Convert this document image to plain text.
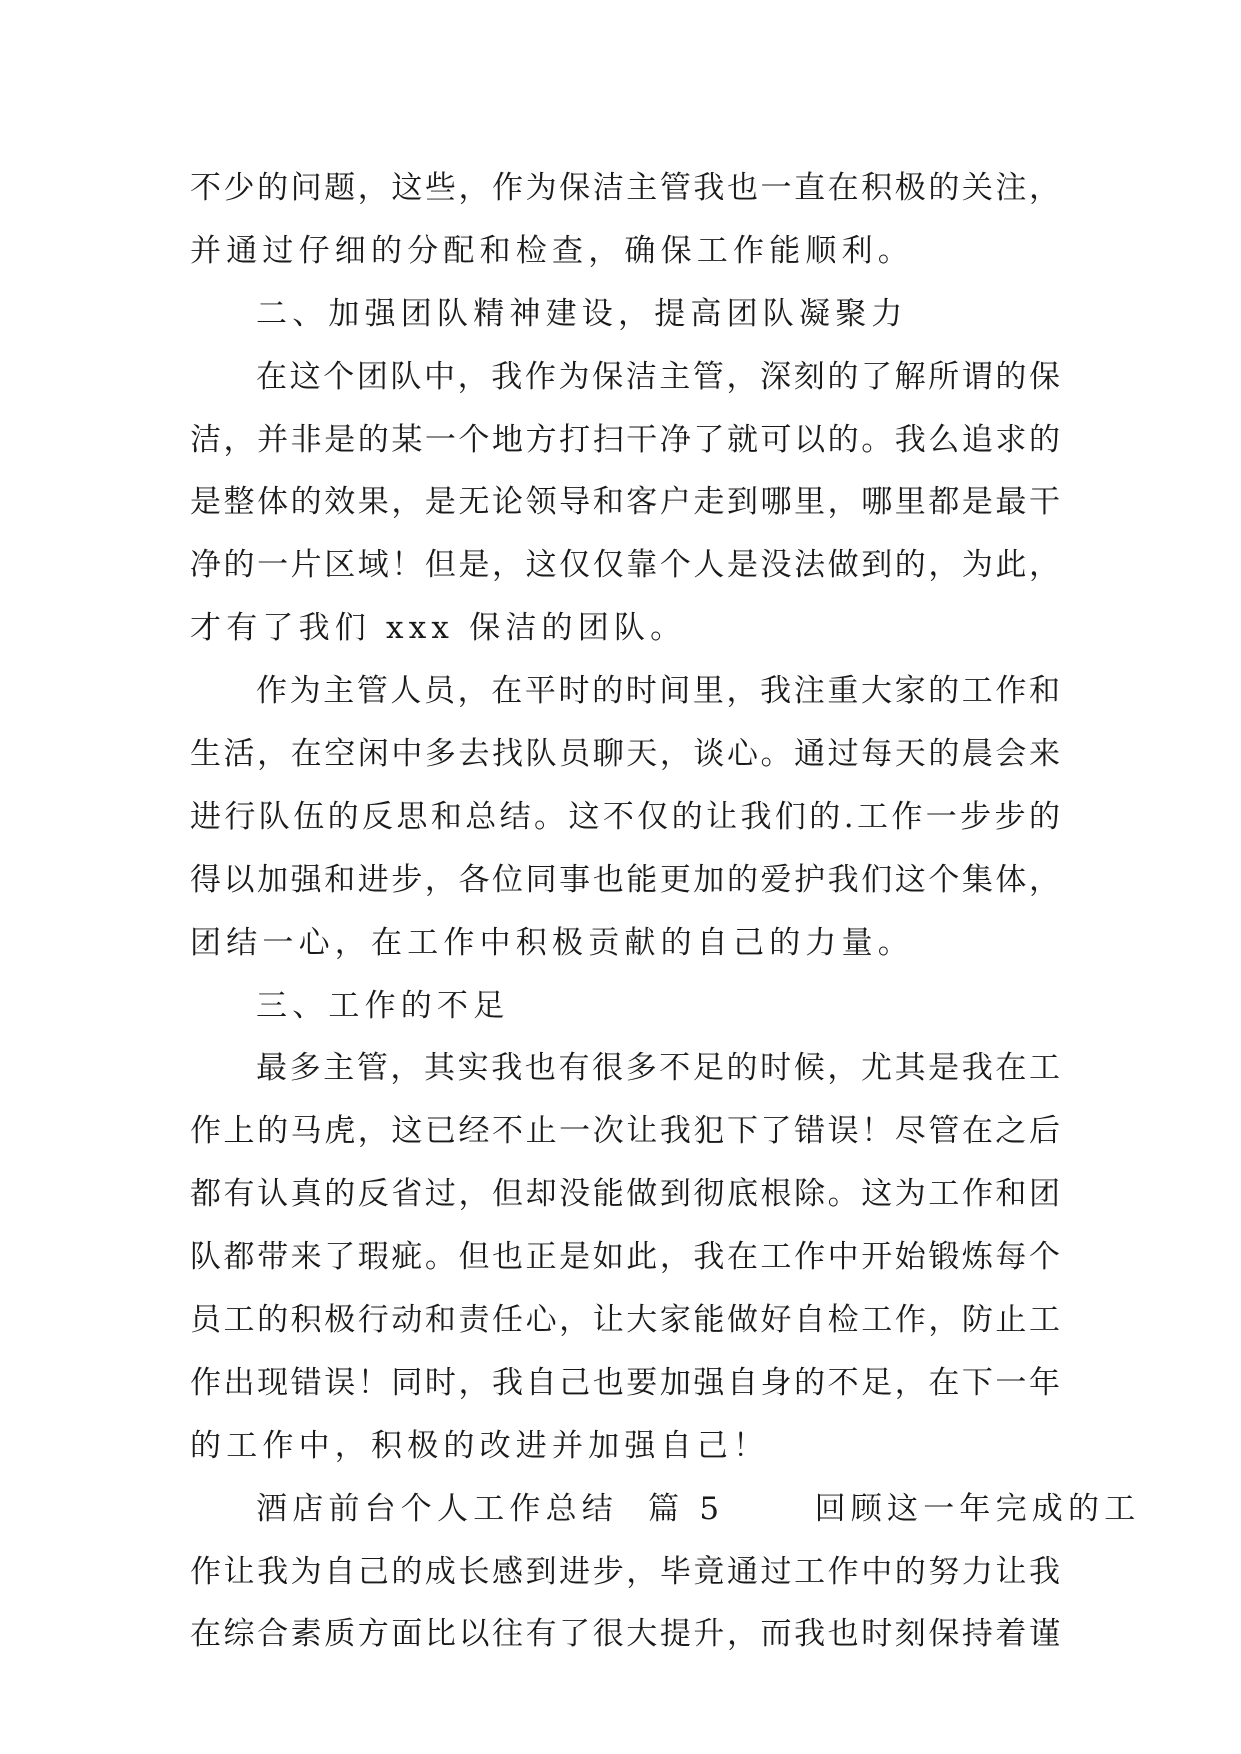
不少的问题，这些，作为保洁主管我也一直在积极的关注，
并通过仔细的分配和检查，确保工作能顺利。
二、加强团队精神建设，提高团队凝聚力
在这个团队中，我作为保洁主管，深刻的了解所谓的保
洁，并非是的某一个地方打扫干净了就可以的。我么追求的
是整体的效果，是无论领导和客户走到哪里，哪里都是最干
净的一片区域！但是，这仅仅靠个人是没法做到的，为此，
才有了我们 xxx 保洁的团队。
作为主管人员，在平时的时间里，我注重大家的工作和
生活，在空闲中多去找队员聊天，谈心。通过每天的晨会来
进行队伍的反思和总结。这不仅的让我们的.工作一步步的
得以加强和进步，各位同事也能更加的爱护我们这个集体，
团结一心，在工作中积极贡献的自己的力量。
三、工作的不足
最多主管，其实我也有很多不足的时候，尤其是我在工
作上的马虎，这已经不止一次让我犯下了错误！尽管在之后
都有认真的反省过，但却没能做到彻底根除。这为工作和团
队都带来了瑕疵。但也正是如此，我在工作中开始锻炼每个
员工的积极行动和责任心，让大家能做好自检工作，防止工
作出现错误！同时，我自己也要加强自身的不足，在下一年
的工作中，积极的改进并加强自己！
酒店前台个人工作总结  篇 5      回顾这一年完成的工
作让我为自己的成长感到进步，毕竟通过工作中的努力让我
在综合素质方面比以往有了很大提升，而我也时刻保持着谨
